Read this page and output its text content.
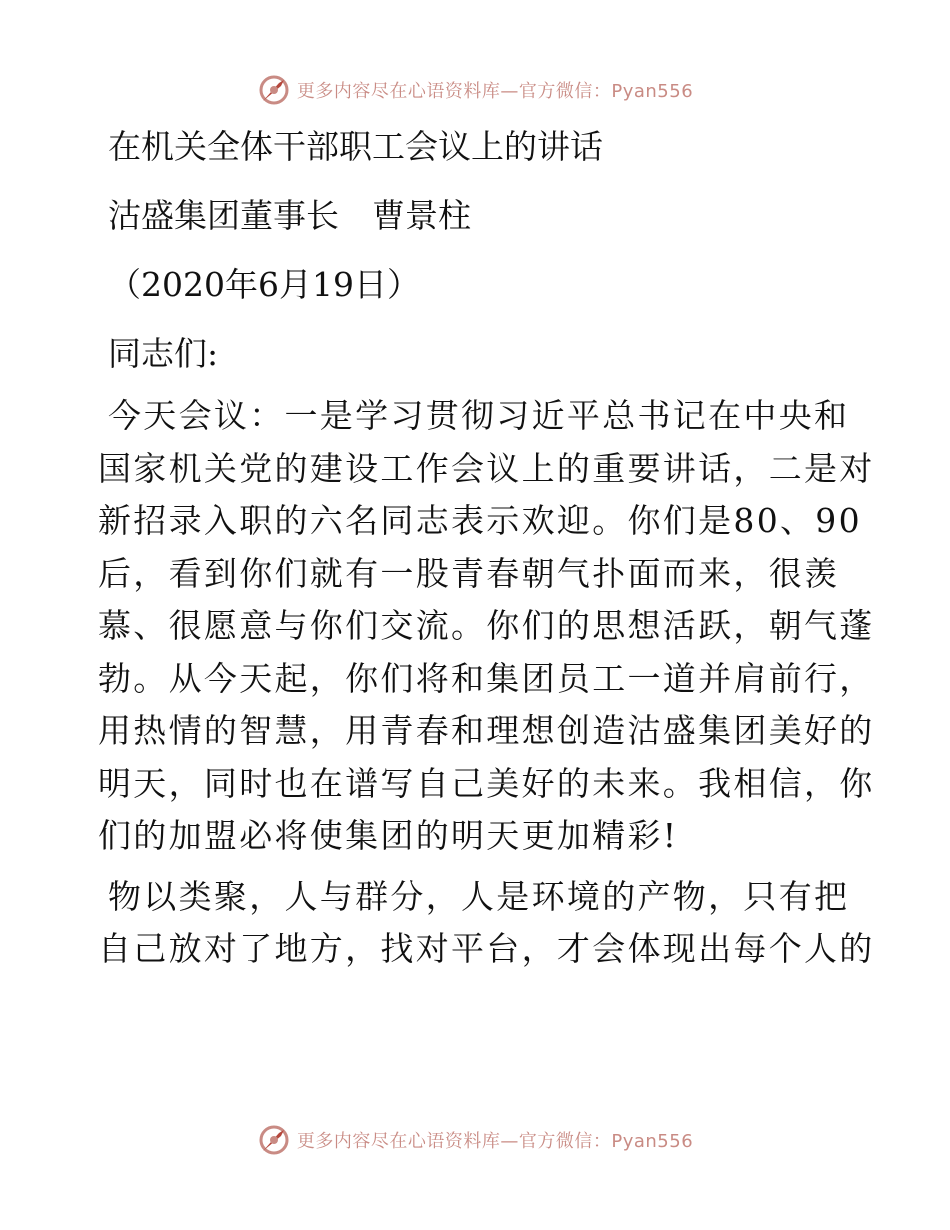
更多内容尽在心语资料库—官方微信：Pyan556

在机关全体干部职工会议上的讲话

沽盛集团董事长　曹景柱

（2020年6月19日）

同志们:

今天会议：一是学习贯彻习近平总书记在中央和
国家机关党的建设工作会议上的重要讲话，二是对
新招录入职的六名同志表示欢迎。你们是80、90
后，看到你们就有一股青春朝气扑面而来，很羡
慕、很愿意与你们交流。你们的思想活跃，朝气蓬
勃。从今天起，你们将和集团员工一道并肩前行，
用热情的智慧，用青春和理想创造沽盛集团美好的
明天，同时也在谱写自己美好的未来。我相信，你
们的加盟必将使集团的明天更加精彩!
物以类聚，人与群分，人是环境的产物，只有把
自己放对了地方，找对平台，才会体现出每个人的
更多内容尽在心语资料库—官方微信：Pyan556
